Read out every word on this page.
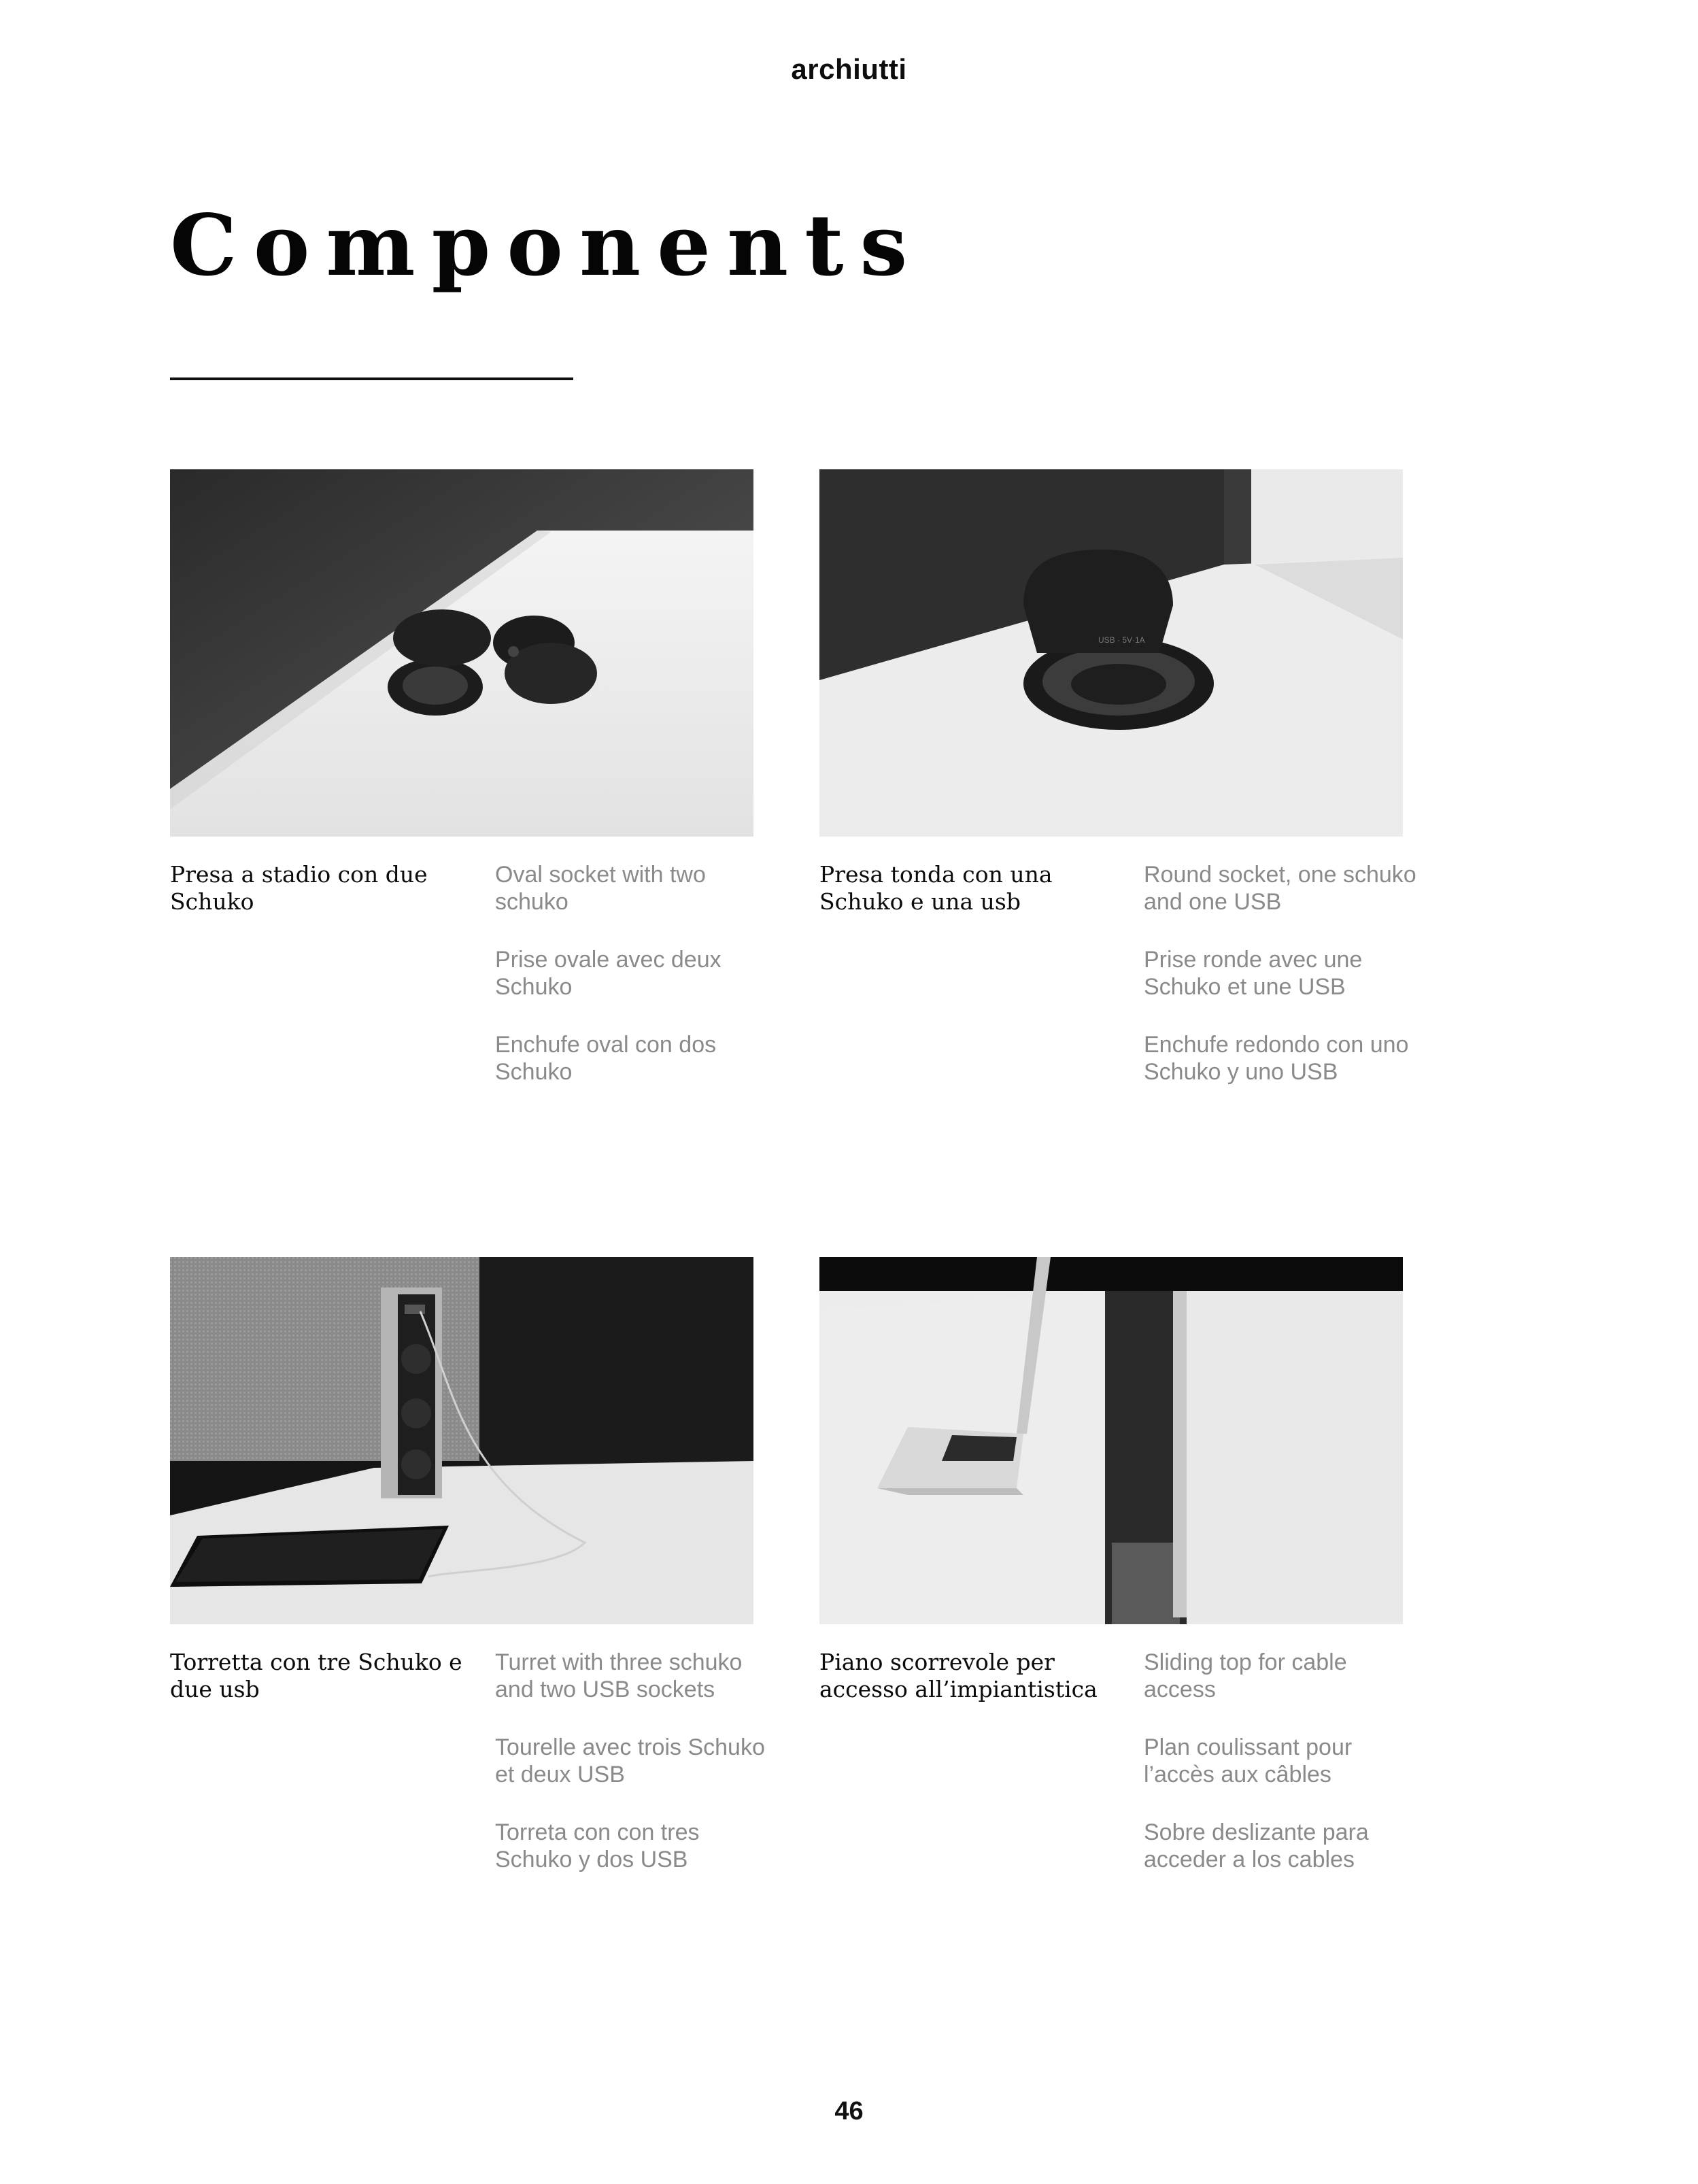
archiutti
Components
USB · 5V·1A
Presa a stadio con due Schuko

Oval socket with two schuko

Prise ovale avec deux Schuko

Enchufe oval con dos Schuko

Presa tonda con una Schuko e una usb

Round socket, one schuko and one USB

Prise ronde avec une Schuko et une USB

Enchufe redondo con uno Schuko y uno USB

Torretta con tre Schuko e due usb

Turret with three schuko and two USB sockets

Tourelle avec trois Schuko et deux USB

Torreta con con tres Schuko y dos USB

Piano scorrevole per accesso all’impiantistica

Sliding top for cable access

Plan coulissant pour l’accès aux câbles

Sobre deslizante para acceder a los cables

46
